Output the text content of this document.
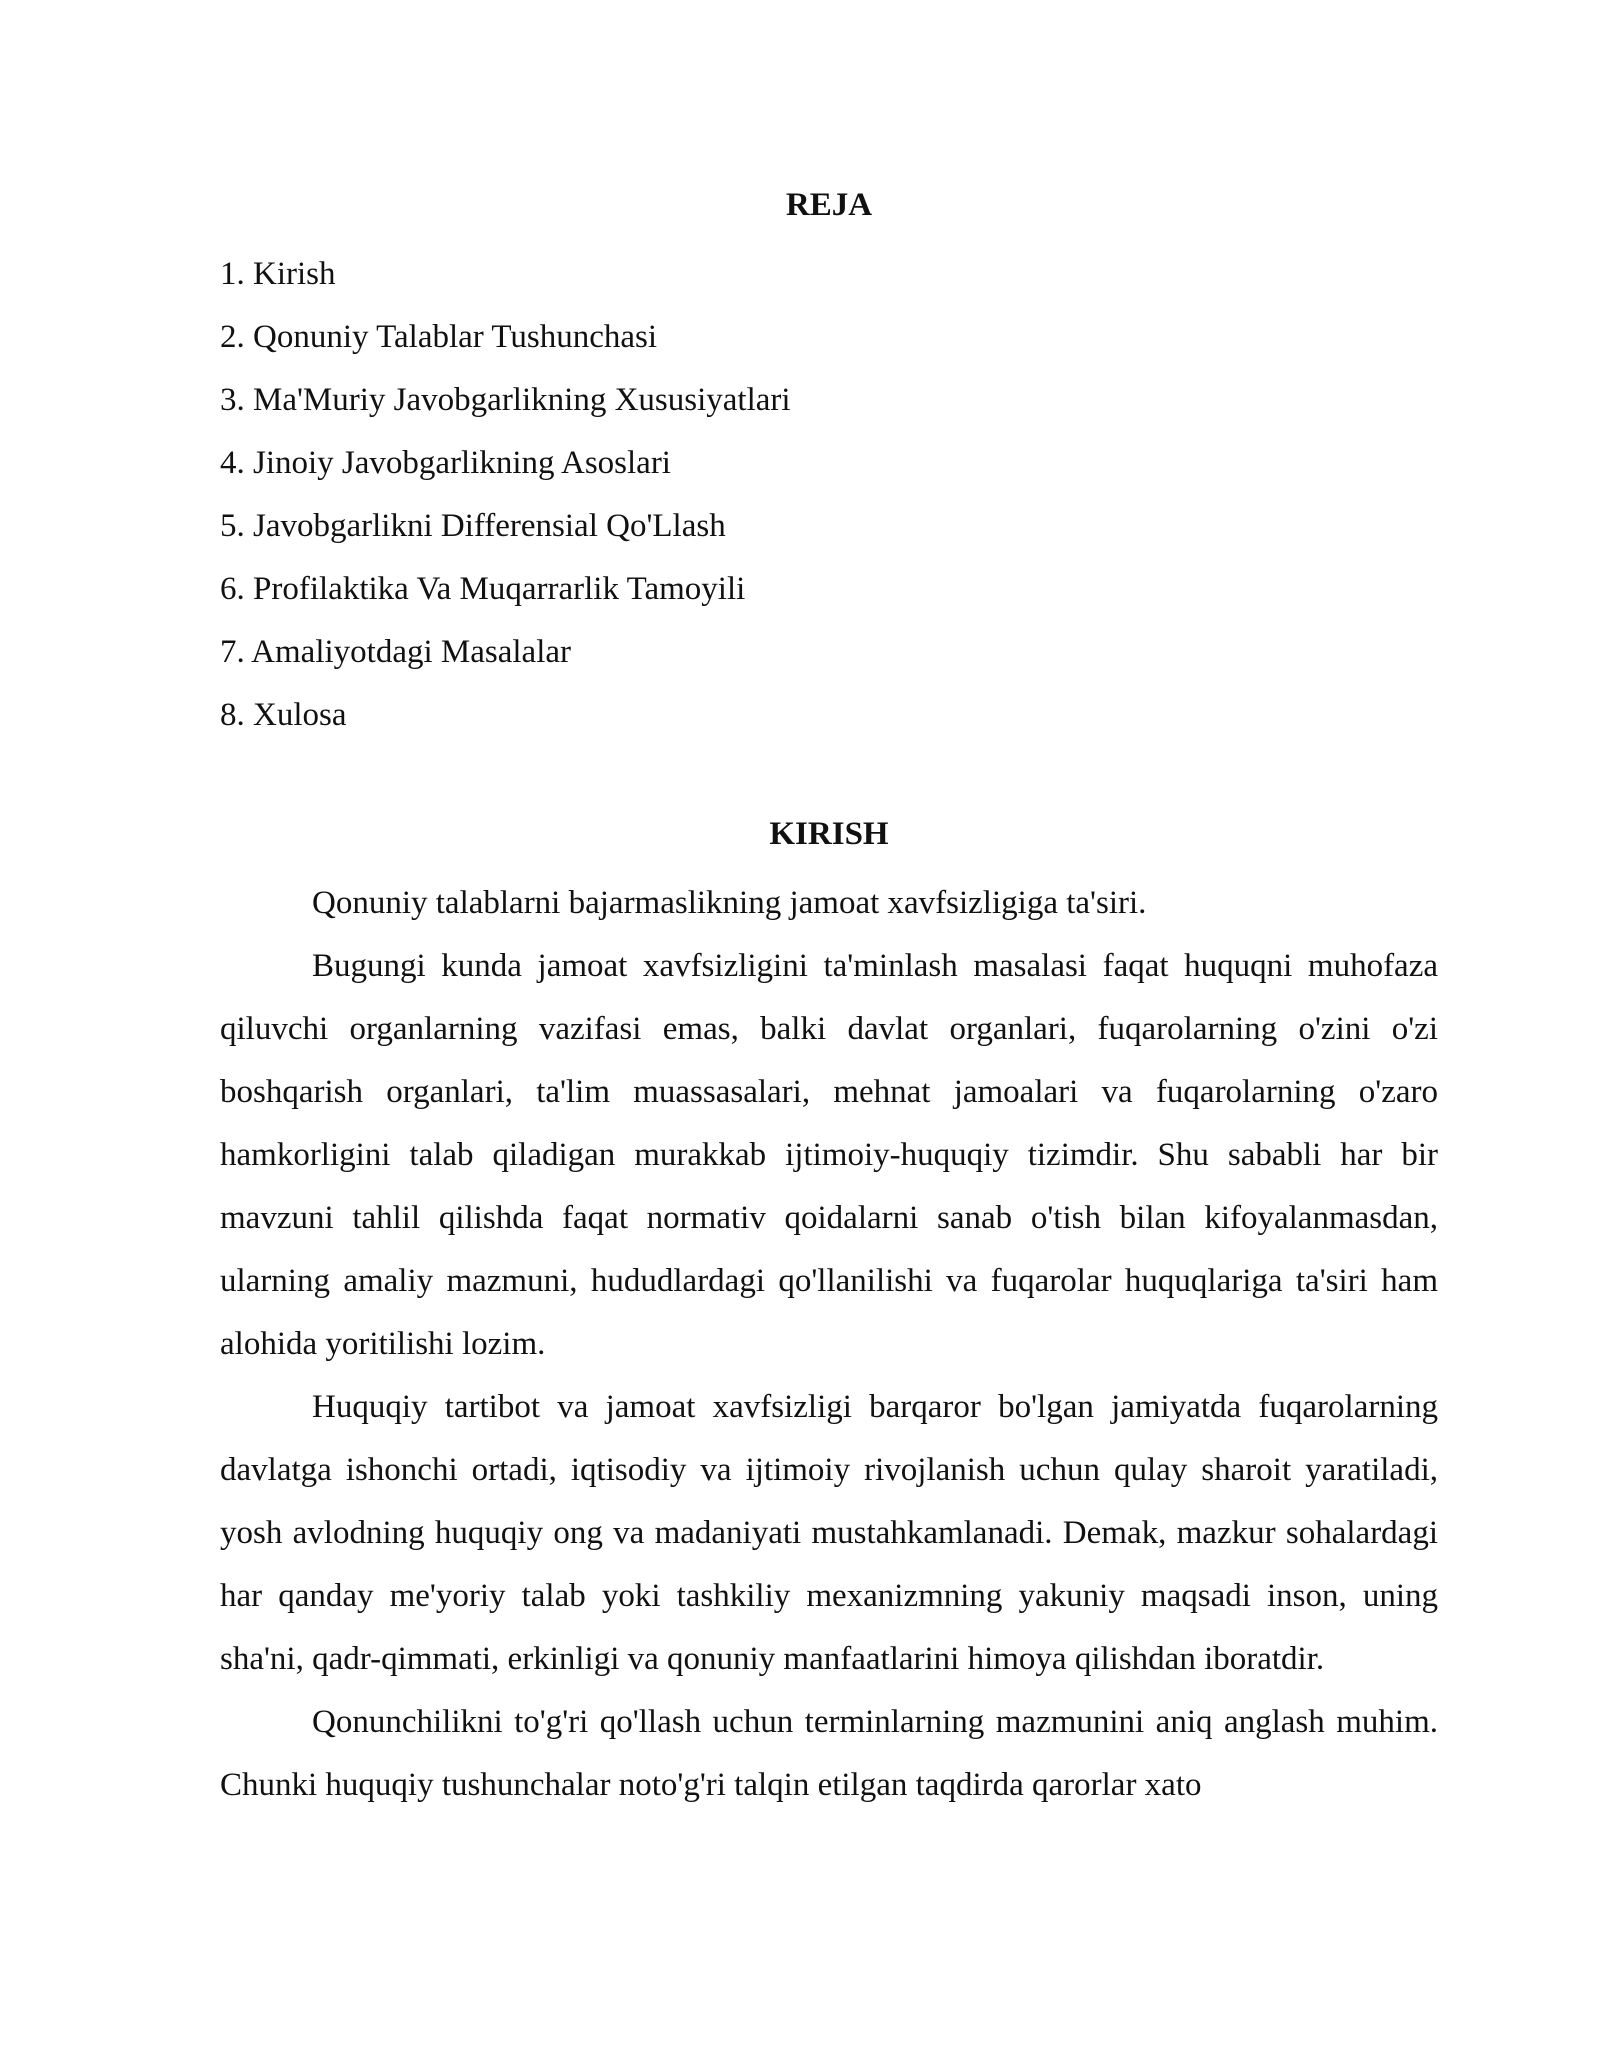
REJA
1. Kirish
2. Qonuniy Talablar Tushunchasi
3. Ma'Muriy Javobgarlikning Xususiyatlari
4. Jinoiy Javobgarlikning Asoslari
5. Javobgarlikni Differensial Qo'Llash
6. Profilaktika Va Muqarrarlik Tamoyili
7. Amaliyotdagi Masalalar
8. Xulosa
KIRISH

Qonuniy talablarni bajarmaslikning jamoat xavfsizligiga ta'siri.

Bugungi kunda jamoat xavfsizligini ta'minlash masalasi faqat huquqni muhofaza qiluvchi organlarning vazifasi emas, balki davlat organlari, fuqarolarning o'zini o'zi boshqarish organlari, ta'lim muassasalari, mehnat jamoalari va fuqarolarning o'zaro hamkorligini talab qiladigan murakkab ijtimoiy-huquqiy tizimdir. Shu sababli har bir mavzuni tahlil qilishda faqat normativ qoidalarni sanab o'tish bilan kifoyalanmasdan, ularning amaliy mazmuni, hududlardagi qo'llanilishi va fuqarolar huquqlariga ta'siri ham alohida yoritilishi lozim.

Huquqiy tartibot va jamoat xavfsizligi barqaror bo'lgan jamiyatda fuqarolarning davlatga ishonchi ortadi, iqtisodiy va ijtimoiy rivojlanish uchun qulay sharoit yaratiladi, yosh avlodning huquqiy ong va madaniyati mustahkamlanadi. Demak, mazkur sohalardagi har qanday me'yoriy talab yoki tashkiliy mexanizmning yakuniy maqsadi inson, uning sha'ni, qadr-qimmati, erkinligi va qonuniy manfaatlarini himoya qilishdan iboratdir.

Qonunchilikni to'g'ri qo'llash uchun terminlarning mazmunini aniq anglash muhim. Chunki huquqiy tushunchalar noto'g'ri talqin etilgan taqdirda qarorlar xato
